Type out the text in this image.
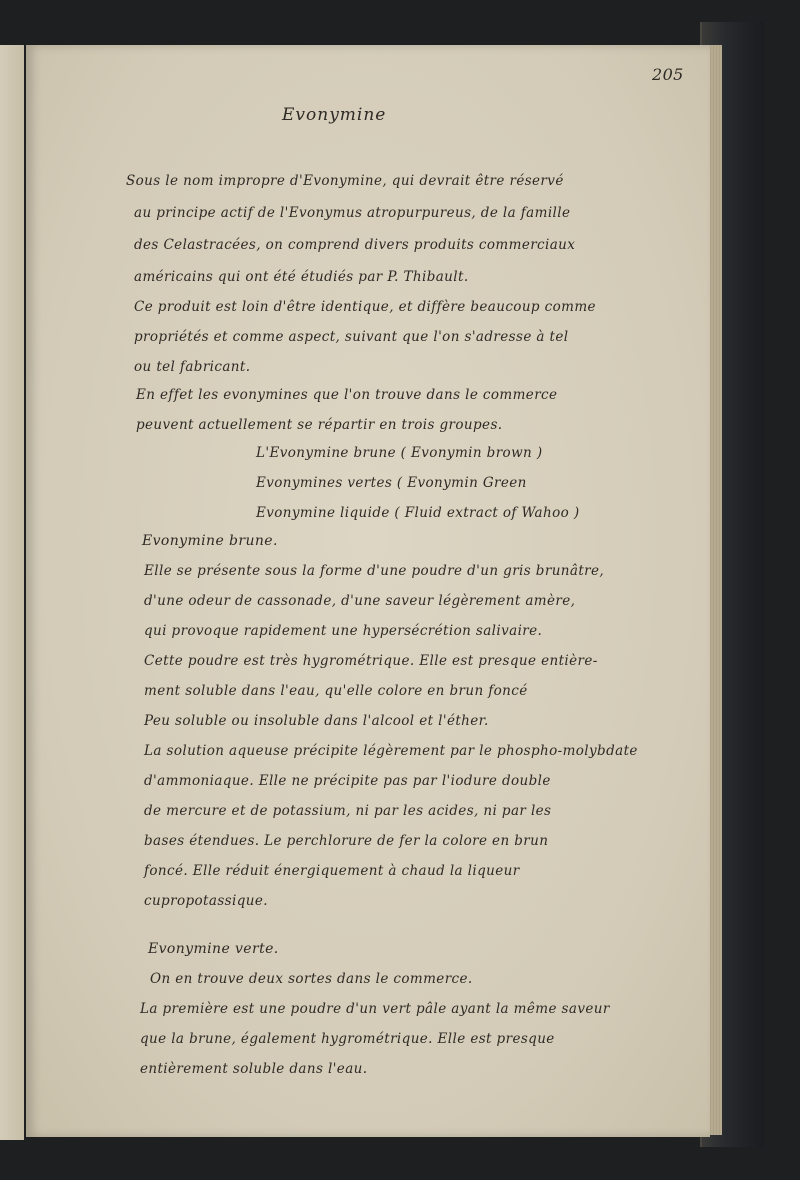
205

Evonymine

Sous le nom impropre d'Evonymine, qui devrait être réservé

au principe actif de l'Evonymus atropurpureus, de la famille

des Celastracées, on comprend divers produits commerciaux

américains qui ont été étudiés par P. Thibault.

Ce produit est loin d'être identique, et diffère beaucoup comme

propriétés et comme aspect, suivant que l'on s'adresse à tel

ou tel fabricant.

En effet les evonymines que l'on trouve dans le commerce

peuvent actuellement se répartir en trois groupes.

L'Evonymine brune ( Evonymin brown )

Evonymines vertes ( Evonymin Green

Evonymine liquide ( Fluid extract of Wahoo )

Evonymine brune.

Elle se présente sous la forme d'une poudre d'un gris brunâtre,

d'une odeur de cassonade, d'une saveur légèrement amère,

qui provoque rapidement une hypersécrétion salivaire.

Cette poudre est très hygrométrique. Elle est presque entière-

ment soluble dans l'eau, qu'elle colore en brun foncé

Peu soluble ou insoluble dans l'alcool et l'éther.

La solution aqueuse précipite légèrement par le phospho-molybdate

d'ammoniaque. Elle ne précipite pas par l'iodure double

de mercure et de potassium, ni par les acides, ni par les

bases étendues. Le perchlorure de fer la colore en brun

foncé. Elle réduit énergiquement à chaud la liqueur

cupropotassique.

Evonymine verte.

On en trouve deux sortes dans le commerce.

La première est une poudre d'un vert pâle ayant la même saveur

que la brune, également hygrométrique. Elle est presque

entièrement soluble dans l'eau.
